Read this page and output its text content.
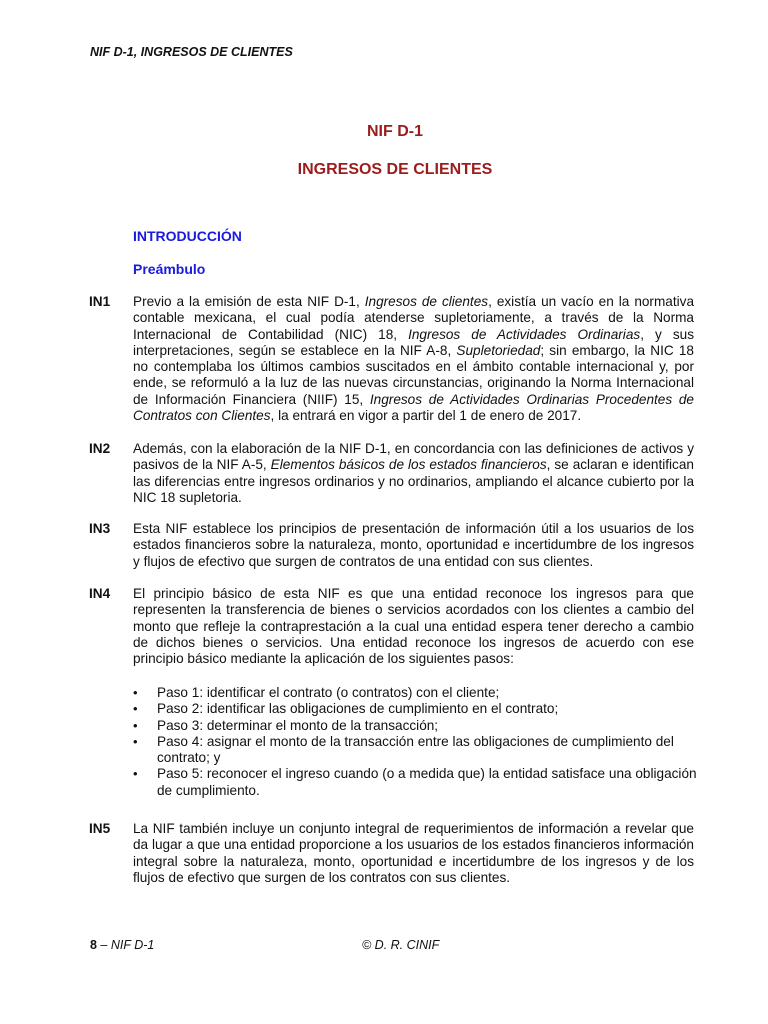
NIF D-1, INGRESOS DE CLIENTES
NIF D-1
INGRESOS DE CLIENTES
INTRODUCCIÓN
Preámbulo
IN1 Previo a la emisión de esta NIF D-1, Ingresos de clientes, existía un vacío en la normativa contable mexicana, el cual podía atenderse supletoriamente, a través de la Norma Internacional de Contabilidad (NIC) 18, Ingresos de Actividades Ordinarias, y sus interpretaciones, según se establece en la NIF A-8, Supletoriedad; sin embargo, la NIC 18 no contemplaba los últimos cambios suscitados en el ámbito contable internacional y, por ende, se reformuló a la luz de las nuevas circunstancias, originando la Norma Internacional de Información Financiera (NIIF) 15, Ingresos de Actividades Ordinarias Procedentes de Contratos con Clientes, la entrará en vigor a partir del 1 de enero de 2017.
IN2 Además, con la elaboración de la NIF D-1, en concordancia con las definiciones de activos y pasivos de la NIF A-5, Elementos básicos de los estados financieros, se aclaran e identifican las diferencias entre ingresos ordinarios y no ordinarios, ampliando el alcance cubierto por la NIC 18 supletoria.
IN3 Esta NIF establece los principios de presentación de información útil a los usuarios de los estados financieros sobre la naturaleza, monto, oportunidad e incertidumbre de los ingresos y flujos de efectivo que surgen de contratos de una entidad con sus clientes.
IN4 El principio básico de esta NIF es que una entidad reconoce los ingresos para que representen la transferencia de bienes o servicios acordados con los clientes a cambio del monto que refleje la contraprestación a la cual una entidad espera tener derecho a cambio de dichos bienes o servicios. Una entidad reconoce los ingresos de acuerdo con ese principio básico mediante la aplicación de los siguientes pasos:
• Paso 1: identificar el contrato (o contratos) con el cliente;
• Paso 2: identificar las obligaciones de cumplimiento en el contrato;
• Paso 3: determinar el monto de la transacción;
• Paso 4: asignar el monto de la transacción entre las obligaciones de cumplimiento del contrato; y
• Paso 5: reconocer el ingreso cuando (o a medida que) la entidad satisface una obligación de cumplimiento.
IN5 La NIF también incluye un conjunto integral de requerimientos de información a revelar que da lugar a que una entidad proporcione a los usuarios de los estados financieros información integral sobre la naturaleza, monto, oportunidad e incertidumbre de los ingresos y de los flujos de efectivo que surgen de los contratos con sus clientes.
8 – NIF D-1	© D. R. CINIF
